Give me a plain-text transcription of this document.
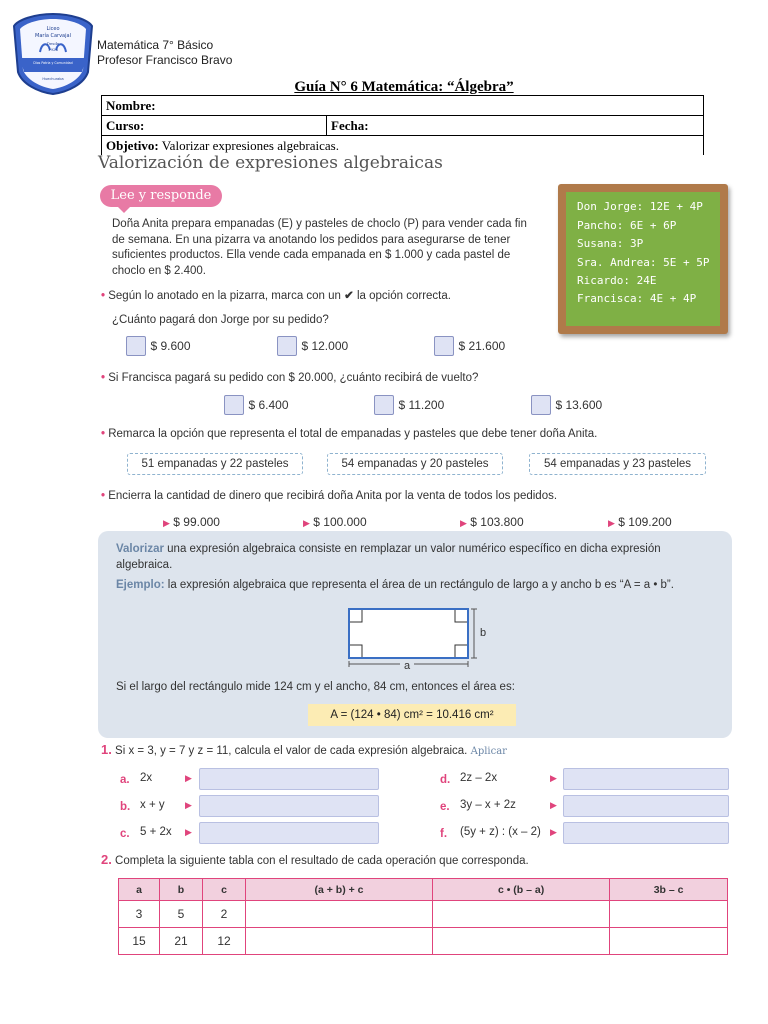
Liceo
María Carvajal
Desde
1926
Dios Patria y Comunidad
Huechuraba
Matemática 7° Básico
Profesor Francisco Bravo
Guía N° 6 Matemática: “Álgebra”
Nombre:
Curso:	Fecha:
Objetivo: Valorizar expresiones algebraicas.
Valorización de expresiones algebraicas
Lee y responde
Doña Anita prepara empanadas (E) y pasteles de choclo (P) para vender cada fin de semana. En una pizarra va anotando los pedidos para asegurarse de tener suficientes productos. Ella vende cada empanada en $ 1.000 y cada pastel de choclo en $ 2.400.
Don Jorge: 12E + 4P
Pancho: 6E + 6P
Susana: 3P
Sra. Andrea: 5E + 5P
Ricardo: 24E
Francisca: 4E + 4P
• Según lo anotado en la pizarra, marca con un ✔ la opción correcta.
¿Cuánto pagará don Jorge por su pedido?
$ 9.600	$ 12.000	$ 21.600
• Si Francisca pagará su pedido con $ 20.000, ¿cuánto recibirá de vuelto?
$ 6.400	$ 11.200	$ 13.600
• Remarca la opción que representa el total de empanadas y pasteles que debe tener doña Anita.
51 empanadas y 22 pasteles	54 empanadas y 20 pasteles	54 empanadas y 23 pasteles
• Encierra la cantidad de dinero que recibirá doña Anita por la venta de todos los pedidos.
▶ $ 99.000	▶ $ 100.000	▶ $ 103.800	▶ $ 109.200
Valorizar una expresión algebraica consiste en remplazar un valor numérico específico en dicha expresión algebraica.
Ejemplo: la expresión algebraica que representa el área de un rectángulo de largo a y ancho b es “A = a • b”.
a
b
Si el largo del rectángulo mide 124 cm y el ancho, 84 cm, entonces el área es:
A = (124 • 84) cm² = 10.416 cm²
1. Si x = 3, y = 7 y z = 11, calcula el valor de cada expresión algebraica. Aplicar
a. 2x	▶
b. x + y ▶
c. 5 + 2x ▶
d. 2z – 2x	▶
e. 3y – x + 2z	▶
f. (5y + z) : (x – 2) ▶
2. Completa la siguiente tabla con el resultado de cada operación que corresponda.
a	b	c	(a + b) + c	c • (b – a)	3b – c
3	5	2			
15	21	12			
